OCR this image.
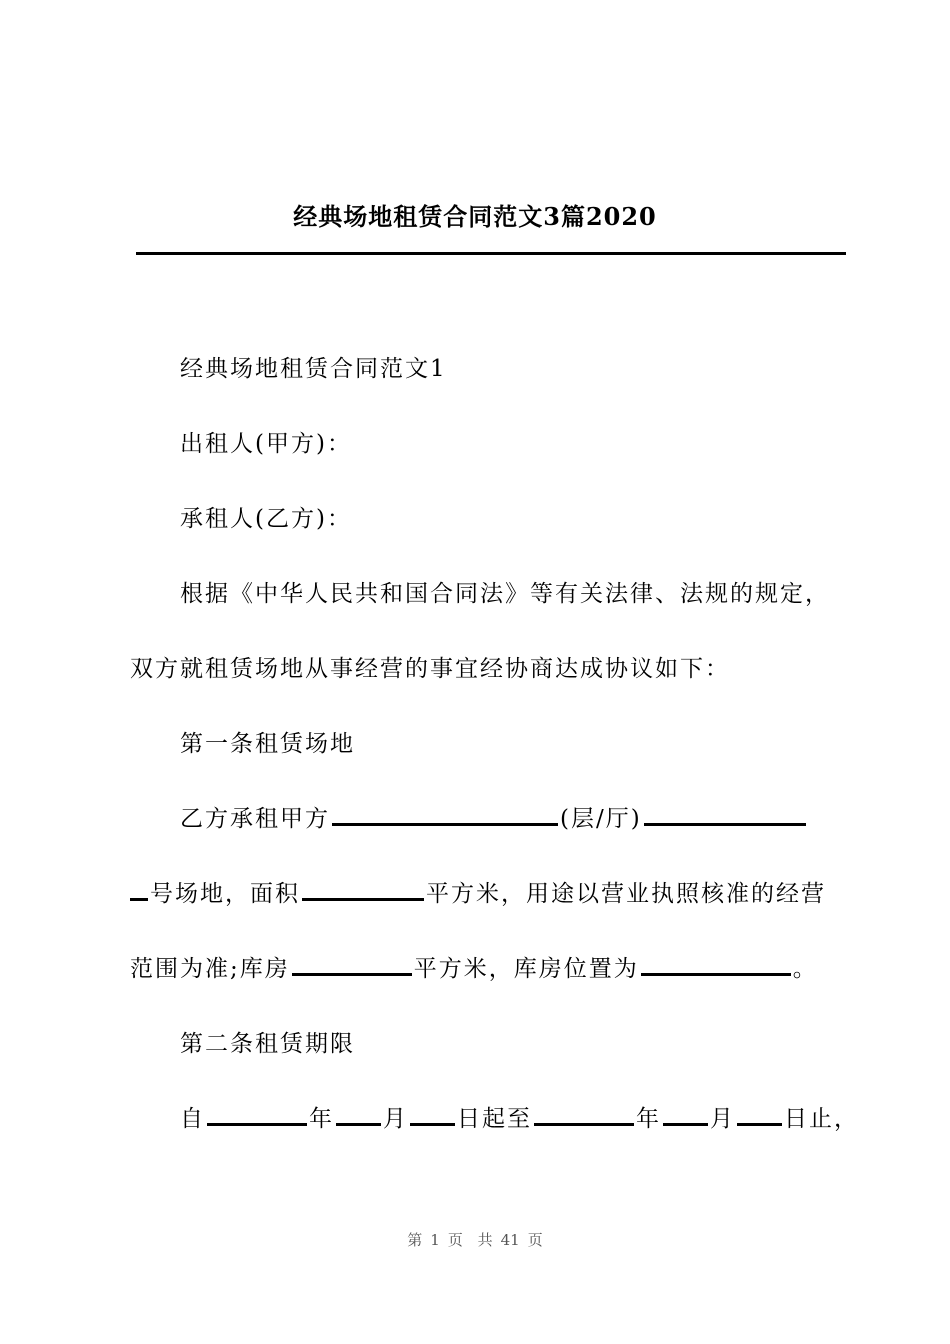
经典场地租赁合同范文3篇2020
经典场地租赁合同范文1
出租人(甲方)：
承租人(乙方)：
根据《中华人民共和国合同法》等有关法律、法规的规定，
双方就租赁场地从事经营的事宜经协商达成协议如下：
第一条租赁场地
乙方承租甲方	(层/厅)
号场地，面积	平方米，用途以营业执照核准的经营
范围为准;库房	平方米，库房位置为	。
第二条租赁期限
自	年 月 日起至	年 月 日止，
第 1 页 共 41 页
